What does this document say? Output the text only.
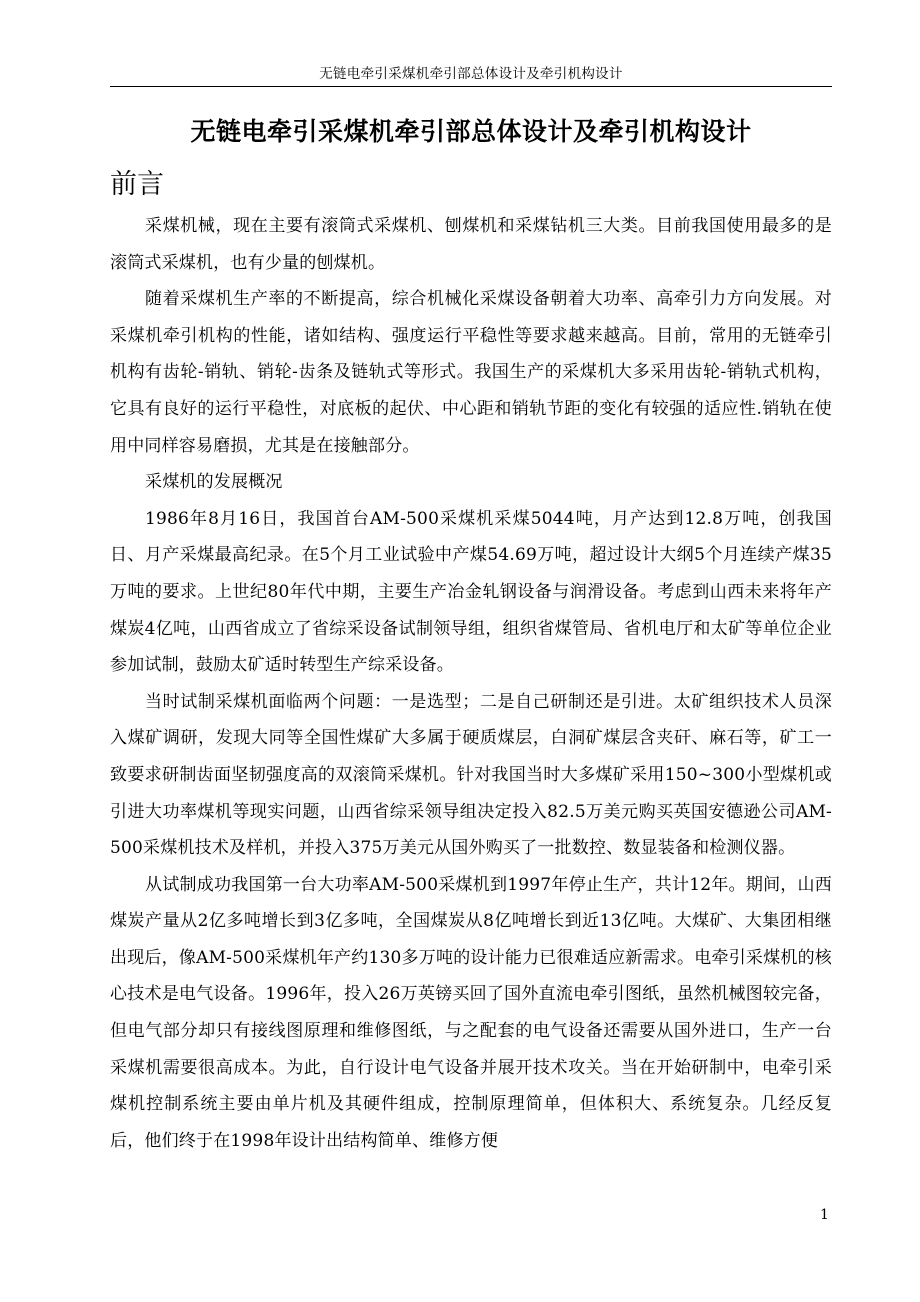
无链电牵引采煤机牵引部总体设计及牵引机构设计
无链电牵引采煤机牵引部总体设计及牵引机构设计
前言

采煤机械，现在主要有滚筒式采煤机、刨煤机和采煤钻机三大类。目前我国使用最多的是滚筒式采煤机，也有少量的刨煤机。

随着采煤机生产率的不断提高，综合机械化采煤设备朝着大功率、高牵引力方向发展。对采煤机牵引机构的性能，诸如结构、强度运行平稳性等要求越来越高。目前，常用的无链牵引机构有齿轮-销轨、销轮-齿条及链轨式等形式。我国生产的采煤机大多采用齿轮-销轨式机构，它具有良好的运行平稳性，对底板的起伏、中心距和销轨节距的变化有较强的适应性.销轨在使用中同样容易磨损，尤其是在接触部分。

采煤机的发展概况

1986年8月16日，我国首台AM-500采煤机采煤5044吨，月产达到12.8万吨，创我国日、月产采煤最高纪录。在5个月工业试验中产煤54.69万吨，超过设计大纲5个月连续产煤35万吨的要求。上世纪80年代中期，主要生产冶金轧钢设备与润滑设备。考虑到山西未来将年产煤炭4亿吨，山西省成立了省综采设备试制领导组，组织省煤管局、省机电厅和太矿等单位企业参加试制，鼓励太矿适时转型生产综采设备。

当时试制采煤机面临两个问题：一是选型；二是自己研制还是引进。太矿组织技术人员深入煤矿调研，发现大同等全国性煤矿大多属于硬质煤层，白洞矿煤层含夹矸、麻石等，矿工一致要求研制齿面坚韧强度高的双滚筒采煤机。针对我国当时大多煤矿采用150~300小型煤机或引进大功率煤机等现实问题，山西省综采领导组决定投入82.5万美元购买英国安德逊公司AM-500采煤机技术及样机，并投入375万美元从国外购买了一批数控、数显装备和检测仪器。

从试制成功我国第一台大功率AM-500采煤机到1997年停止生产，共计12年。期间，山西煤炭产量从2亿多吨增长到3亿多吨，全国煤炭从8亿吨增长到近13亿吨。大煤矿、大集团相继出现后，像AM-500采煤机年产约130多万吨的设计能力已很难适应新需求。电牵引采煤机的核心技术是电气设备。1996年，投入26万英镑买回了国外直流电牵引图纸，虽然机械图较完备，但电气部分却只有接线图原理和维修图纸，与之配套的电气设备还需要从国外进口，生产一台采煤机需要很高成本。为此，自行设计电气设备并展开技术攻关。当在开始研制中，电牵引采煤机控制系统主要由单片机及其硬件组成，控制原理简单，但体积大、系统复杂。几经反复后，他们终于在1998年设计出结构简单、维修方便

1
